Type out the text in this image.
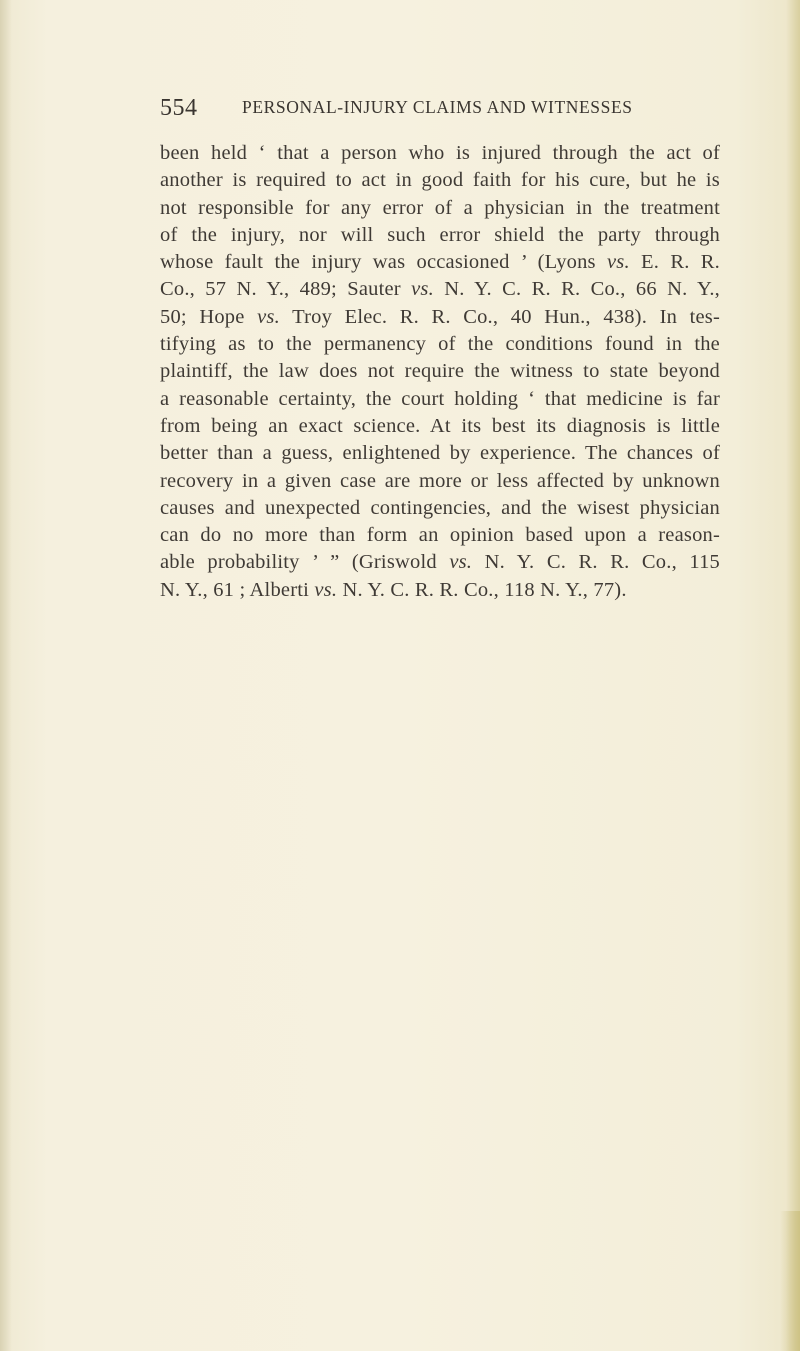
554	PERSONAL-INJURY CLAIMS AND WITNESSES
been held ‘ that a person who is injured through the act of
another is required to act in good faith for his cure, but he is
not responsible for any error of a physician in the treatment
of the injury, nor will such error shield the party through
whose fault the injury was occasioned ’ (Lyons vs. E. R. R.
Co., 57 N. Y., 489; Sauter vs. N. Y. C. R. R. Co., 66 N. Y.,
50; Hope vs. Troy Elec. R. R. Co., 40 Hun., 438). In tes-
tifying as to the permanency of the conditions found in the
plaintiff, the law does not require the witness to state beyond
a reasonable certainty, the court holding ‘ that medicine is far
from being an exact science. At its best its diagnosis is little
better than a guess, enlightened by experience. The chances of
recovery in a given case are more or less affected by unknown
causes and unexpected contingencies, and the wisest physician
can do no more than form an opinion based upon a reason-
able probability ’ ” (Griswold vs. N. Y. C. R. R. Co., 115
N. Y., 61 ; Alberti vs. N. Y. C. R. R. Co., 118 N. Y., 77).
